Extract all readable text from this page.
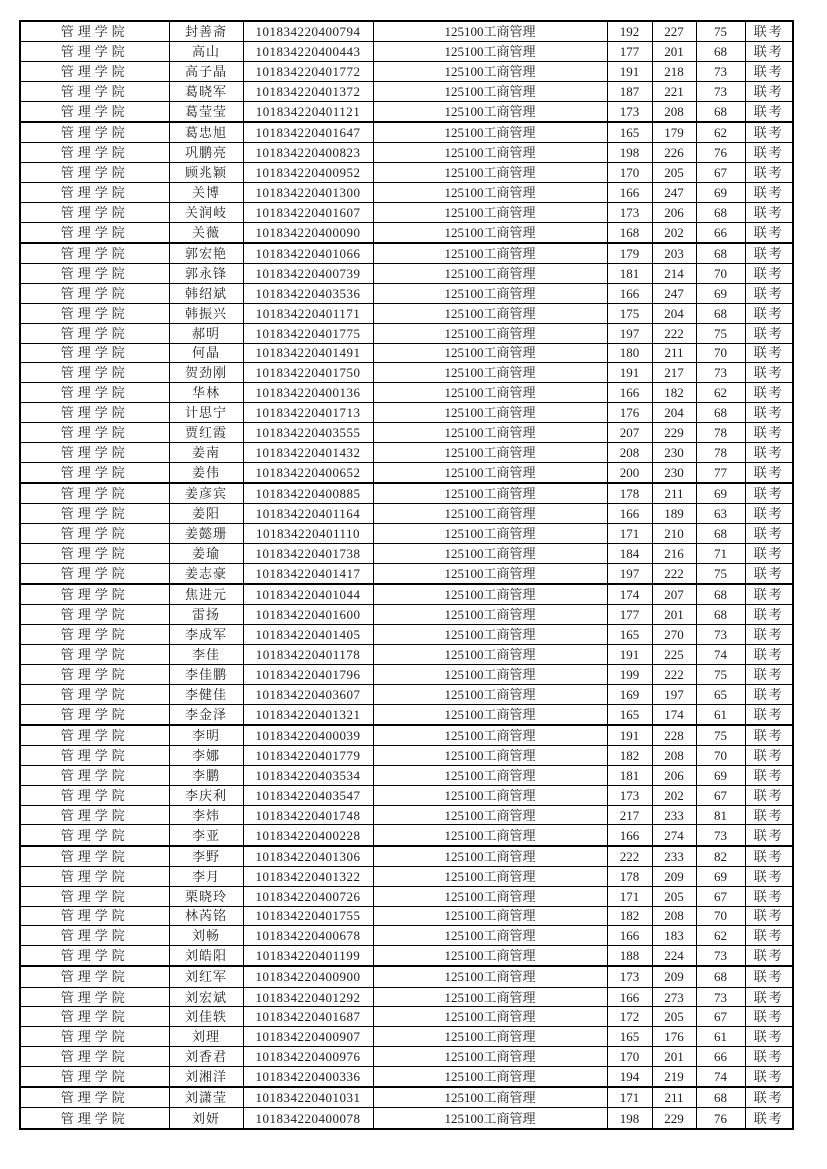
管理学院	封善斋	101834220400794	125100工商管理	192	227	75	联考
管理学院	高山	101834220400443	125100工商管理	177	201	68	联考
管理学院	高子晶	101834220401772	125100工商管理	191	218	73	联考
管理学院	葛晓军	101834220401372	125100工商管理	187	221	73	联考
管理学院	葛莹莹	101834220401121	125100工商管理	173	208	68	联考
管理学院	葛忠旭	101834220401647	125100工商管理	165	179	62	联考
管理学院	巩鹏亮	101834220400823	125100工商管理	198	226	76	联考
管理学院	顾兆颖	101834220400952	125100工商管理	170	205	67	联考
管理学院	关博	101834220401300	125100工商管理	166	247	69	联考
管理学院	关润岐	101834220401607	125100工商管理	173	206	68	联考
管理学院	关薇	101834220400090	125100工商管理	168	202	66	联考
管理学院	郭宏艳	101834220401066	125100工商管理	179	203	68	联考
管理学院	郭永锋	101834220400739	125100工商管理	181	214	70	联考
管理学院	韩绍斌	101834220403536	125100工商管理	166	247	69	联考
管理学院	韩振兴	101834220401171	125100工商管理	175	204	68	联考
管理学院	郝明	101834220401775	125100工商管理	197	222	75	联考
管理学院	何晶	101834220401491	125100工商管理	180	211	70	联考
管理学院	贺劲刚	101834220401750	125100工商管理	191	217	73	联考
管理学院	华林	101834220400136	125100工商管理	166	182	62	联考
管理学院	计思宁	101834220401713	125100工商管理	176	204	68	联考
管理学院	贾红霞	101834220403555	125100工商管理	207	229	78	联考
管理学院	姜南	101834220401432	125100工商管理	208	230	78	联考
管理学院	姜伟	101834220400652	125100工商管理	200	230	77	联考
管理学院	姜彦宾	101834220400885	125100工商管理	178	211	69	联考
管理学院	姜阳	101834220401164	125100工商管理	166	189	63	联考
管理学院	姜懿珊	101834220401110	125100工商管理	171	210	68	联考
管理学院	姜瑜	101834220401738	125100工商管理	184	216	71	联考
管理学院	姜志豪	101834220401417	125100工商管理	197	222	75	联考
管理学院	焦进元	101834220401044	125100工商管理	174	207	68	联考
管理学院	雷扬	101834220401600	125100工商管理	177	201	68	联考
管理学院	李成军	101834220401405	125100工商管理	165	270	73	联考
管理学院	李佳	101834220401178	125100工商管理	191	225	74	联考
管理学院	李佳鹏	101834220401796	125100工商管理	199	222	75	联考
管理学院	李健佳	101834220403607	125100工商管理	169	197	65	联考
管理学院	李金泽	101834220401321	125100工商管理	165	174	61	联考
管理学院	李明	101834220400039	125100工商管理	191	228	75	联考
管理学院	李娜	101834220401779	125100工商管理	182	208	70	联考
管理学院	李鹏	101834220403534	125100工商管理	181	206	69	联考
管理学院	李庆利	101834220403547	125100工商管理	173	202	67	联考
管理学院	李炜	101834220401748	125100工商管理	217	233	81	联考
管理学院	李亚	101834220400228	125100工商管理	166	274	73	联考
管理学院	李野	101834220401306	125100工商管理	222	233	82	联考
管理学院	李月	101834220401322	125100工商管理	178	209	69	联考
管理学院	栗晓玲	101834220400726	125100工商管理	171	205	67	联考
管理学院	林芮铭	101834220401755	125100工商管理	182	208	70	联考
管理学院	刘畅	101834220400678	125100工商管理	166	183	62	联考
管理学院	刘皓阳	101834220401199	125100工商管理	188	224	73	联考
管理学院	刘红军	101834220400900	125100工商管理	173	209	68	联考
管理学院	刘宏斌	101834220401292	125100工商管理	166	273	73	联考
管理学院	刘佳轶	101834220401687	125100工商管理	172	205	67	联考
管理学院	刘理	101834220400907	125100工商管理	165	176	61	联考
管理学院	刘香君	101834220400976	125100工商管理	170	201	66	联考
管理学院	刘湘洋	101834220400336	125100工商管理	194	219	74	联考
管理学院	刘潇莹	101834220401031	125100工商管理	171	211	68	联考
管理学院	刘妍	101834220400078	125100工商管理	198	229	76	联考
